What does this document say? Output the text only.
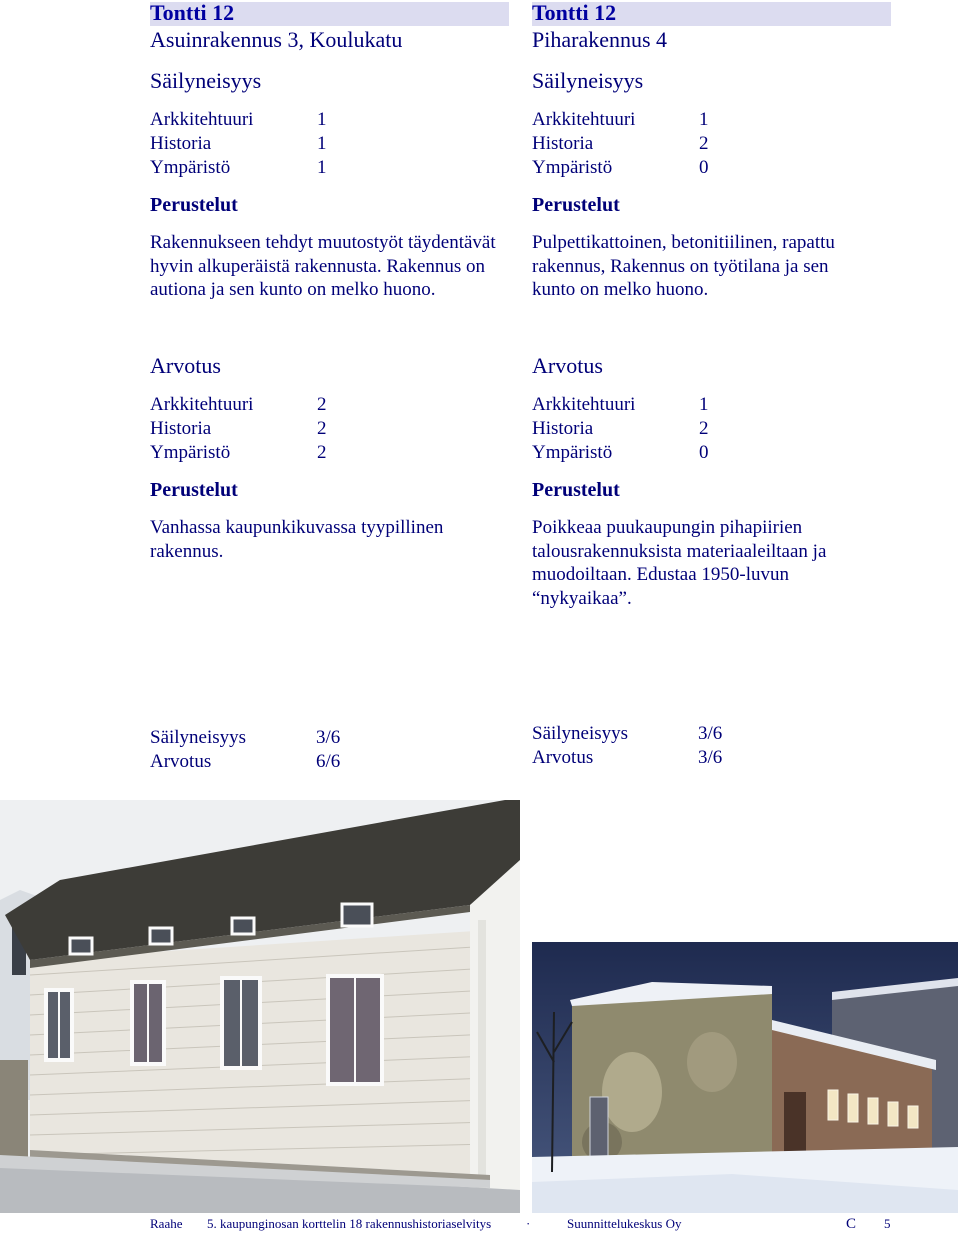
Tontti 12
Asuinrakennus 3, Koulukatu
Säilyneisyys
Arkkitehtuuri	1
Historia	1
Ympäristö	1
Perustelut
Rakennukseen tehdyt muutostyöt täydentävät
hyvin alkuperäistä rakennusta. Rakennus on
autiona ja sen kunto on melko huono.
Arvotus
Arkkitehtuuri	2
Historia	2
Ympäristö	2
Perustelut
Vanhassa kaupunkikuvassa tyypillinen
rakennus.
Säilyneisyys	3/6
Arvotus	6/6
Tontti 12
Piharakennus 4
Säilyneisyys
Arkkitehtuuri	1
Historia	2
Ympäristö	0
Perustelut
Pulpettikattoinen, betonitiilinen, rapattu
rakennus, Rakennus on työtilana ja sen
kunto on melko huono.
Arvotus
Arkkitehtuuri	1
Historia	2
Ympäristö	0
Perustelut
Poikkeaa puukaupungin pihapiirien
talousrakennuksista materiaaleiltaan ja
muodoiltaan. Edustaa 1950-luvun
“nykyaikaa”.
Säilyneisyys	3/6
Arvotus	3/6
Raahe 5. kaupunginosan korttelin 18 rakennushistoriaselvitys	·	Suunnittelukeskus Oy	C 5
